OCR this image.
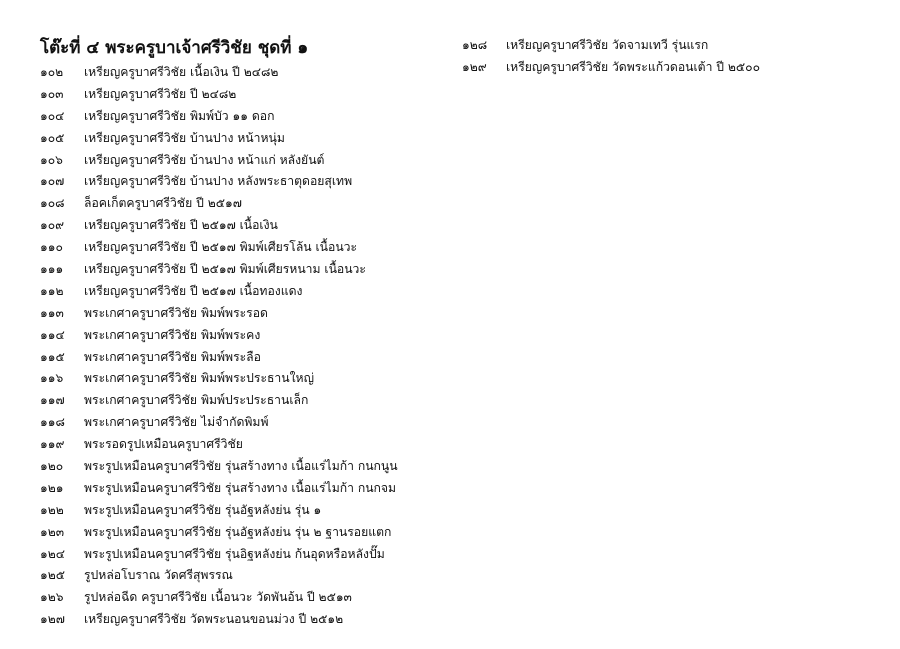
โต๊ะที่ ๔ พระครูบาเจ้าศรีวิชัย ชุดที่ ๑
๑๐๒	เหรียญครูบาศรีวิชัย เนื้อเงิน ปี ๒๔๘๒
๑๐๓	เหรียญครูบาศรีวิชัย ปี ๒๔๘๒
๑๐๔	เหรียญครูบาศรีวิชัย พิมพ์บัว ๑๑ ดอก
๑๐๕	เหรียญครูบาศรีวิชัย บ้านปาง หน้าหนุ่ม
๑๐๖	เหรียญครูบาศรีวิชัย บ้านปาง หน้าแก่ หลังยันต์
๑๐๗	เหรียญครูบาศรีวิชัย บ้านปาง หลังพระธาตุดอยสุเทพ
๑๐๘	ล็อคเก็ตครูบาศรีวิชัย ปี ๒๕๑๗
๑๐๙	เหรียญครูบาศรีวิชัย ปี ๒๕๑๗ เนื้อเงิน
๑๑๐	เหรียญครูบาศรีวิชัย ปี ๒๕๑๗ พิมพ์เศียรโล้น เนื้อนวะ
๑๑๑	เหรียญครูบาศรีวิชัย ปี ๒๕๑๗ พิมพ์เศียรหนาม เนื้อนวะ
๑๑๒	เหรียญครูบาศรีวิชัย ปี ๒๕๑๗ เนื้อทองแดง
๑๑๓	พระเกศาครูบาศรีวิชัย พิมพ์พระรอด
๑๑๔	พระเกศาครูบาศรีวิชัย พิมพ์พระคง
๑๑๕	พระเกศาครูบาศรีวิชัย พิมพ์พระลือ
๑๑๖	พระเกศาครูบาศรีวิชัย พิมพ์พระประธานใหญ่
๑๑๗	พระเกศาครูบาศรีวิชัย พิมพ์ประประธานเล็ก
๑๑๘	พระเกศาครูบาศรีวิชัย ไม่จำกัดพิมพ์
๑๑๙	พระรอดรูปเหมือนครูบาศรีวิชัย
๑๒๐	พระรูปเหมือนครูบาศรีวิชัย รุ่นสร้างทาง เนื้อแร่ไมก้า กนกนูน
๑๒๑	พระรูปเหมือนครูบาศรีวิชัย รุ่นสร้างทาง เนื้อแร่ไมก้า กนกจม
๑๒๒	พระรูปเหมือนครูบาศรีวิชัย รุ่นอัฐหลังย่น รุ่น ๑
๑๒๓	พระรูปเหมือนครูบาศรีวิชัย รุ่นอัฐหลังย่น รุ่น ๒ ฐานรอยแตก
๑๒๔	พระรูปเหมือนครูบาศรีวิชัย รุ่นอิฐหลังย่น ก้นอุดหรือหลังปั๊ม
๑๒๕	รูปหล่อโบราณ วัดศรีสุพรรณ
๑๒๖	รูปหล่อฉีด ครูบาศรีวิชัย เนื้อนวะ วัดพันอ้น ปี ๒๕๑๓
๑๒๗	เหรียญครูบาศรีวิชัย วัดพระนอนขอนม่วง ปี ๒๕๑๒
๑๒๘	เหรียญครูบาศรีวิชัย วัดจามเทวี รุ่นแรก
๑๒๙	เหรียญครูบาศรีวิชัย วัดพระแก้วดอนเต้า ปี ๒๕๐๐
